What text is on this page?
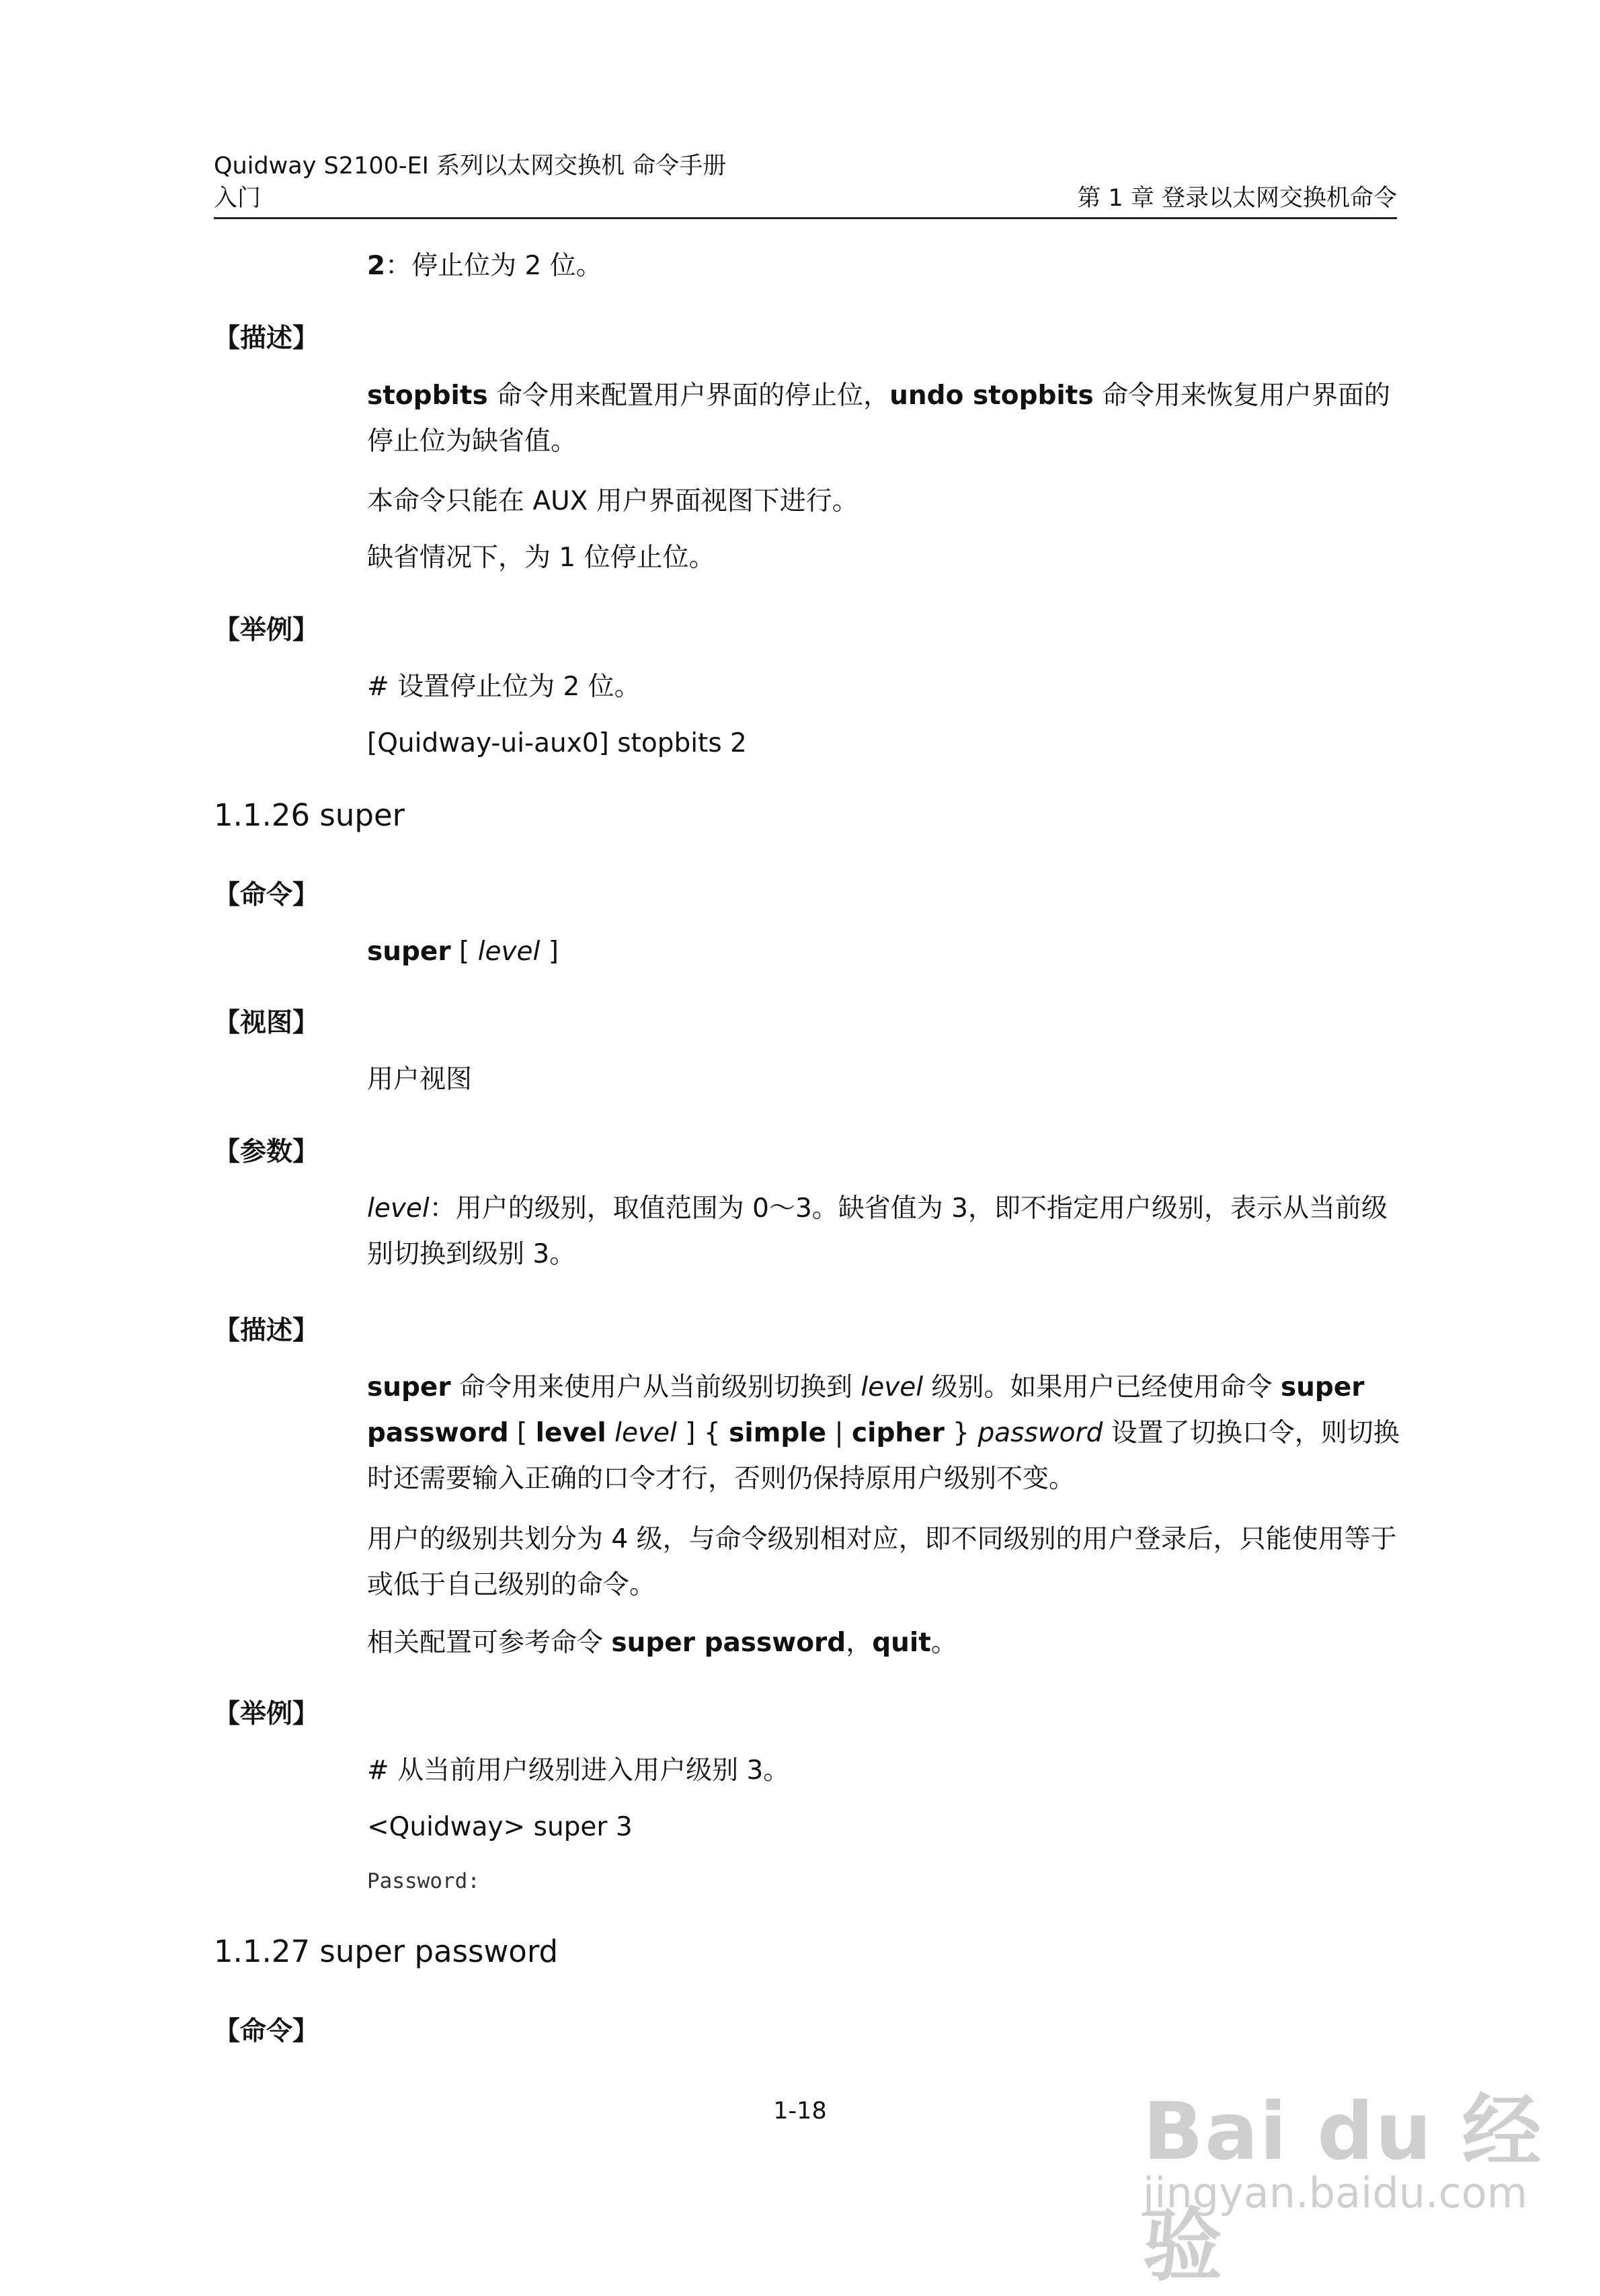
Quidway S2100-EI 系列以太网交换机 命令手册
入门	第 1 章 登录以太网交换机命令
2：停止位为 2 位。
【描述】
stopbits 命令用来配置用户界面的停止位，undo stopbits 命令用来恢复用户界面的停止位为缺省值。
本命令只能在 AUX 用户界面视图下进行。
缺省情况下，为 1 位停止位。
【举例】
# 设置停止位为 2 位。
[Quidway-ui-aux0] stopbits 2
1.1.26 super
【命令】
super [ level ]
【视图】
用户视图
【参数】
level：用户的级别，取值范围为 0～3。缺省值为 3，即不指定用户级别，表示从当前级别切换到级别 3。
【描述】
super 命令用来使用户从当前级别切换到 level 级别。如果用户已经使用命令 super password [ level level ] { simple | cipher } password 设置了切换口令，则切换时还需要输入正确的口令才行，否则仍保持原用户级别不变。
用户的级别共划分为 4 级，与命令级别相对应，即不同级别的用户登录后，只能使用等于或低于自己级别的命令。
相关配置可参考命令 super password，quit。
【举例】
# 从当前用户级别进入用户级别 3。
<Quidway> super 3
Password:
1.1.27 super password
【命令】
1-18	Bai du 经验
jingyan.baidu.com
